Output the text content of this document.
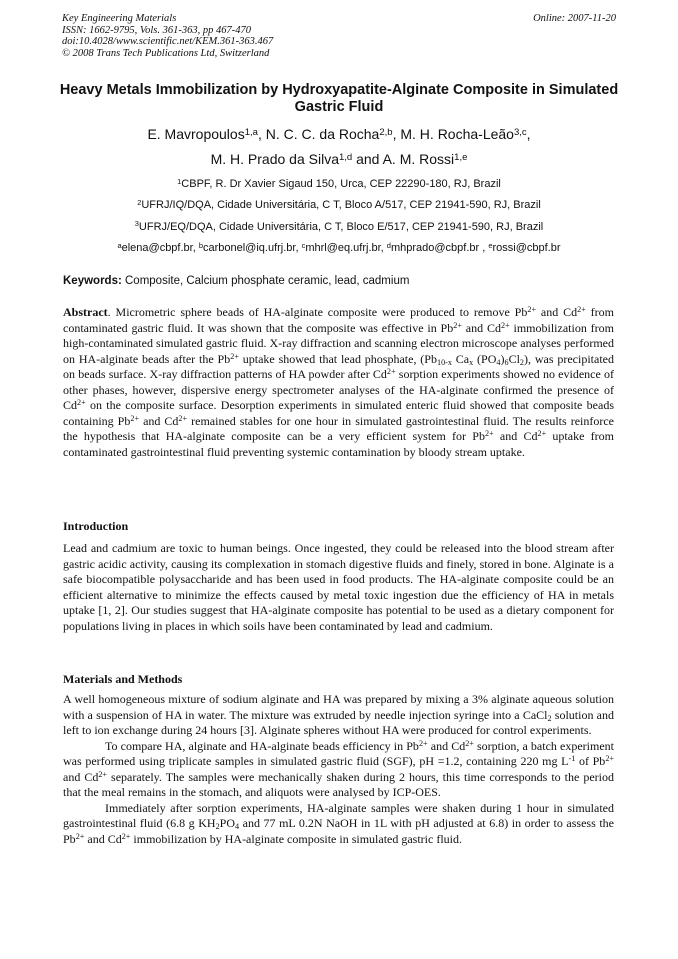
Key Engineering Materials
ISSN: 1662-9795, Vols. 361-363, pp 467-470
doi:10.4028/www.scientific.net/KEM.361-363.467
© 2008 Trans Tech Publications Ltd, Switzerland
Online: 2007-11-20
Heavy Metals Immobilization by Hydroxyapatite-Alginate Composite in Simulated Gastric Fluid
E. Mavropoulos$^{1,a}$, N. C. C. da Rocha$^{2,b}$, M. H. Rocha-Leão$^{3,c}$,
M. H. Prado da Silva$^{1,d}$ and A. M. Rossi$^{1,e}$
$^1$CBPF, R. Dr Xavier Sigaud 150, Urca, CEP 22290-180, RJ, Brazil
$^2$UFRJ/IQ/DQA, Cidade Universitária, C T, Bloco A/517, CEP 21941-590, RJ, Brazil
$^3$UFRJ/EQ/DQA, Cidade Universitária, C T, Bloco E/517, CEP 21941-590, RJ, Brazil
$^a$elena@cbpf.br, $^b$carbonel@iq.ufrj.br, $^c$mhrl@eq.ufrj.br, $^d$mhprado@cbpf.br , $^e$rossi@cbpf.br
Keywords: Composite, Calcium phosphate ceramic, lead, cadmium
Abstract. Micrometric sphere beads of HA-alginate composite were produced to remove $Pb^{2+}$ and $Cd^{2+}$ from contaminated gastric fluid. It was shown that the composite was effective in $Pb^{2+}$ and $Cd^{2+}$ immobilization from high-contaminated simulated gastric fluid. X-ray diffraction and scanning electron microscope analyses performed on HA-alginate beads after the $Pb^{2+}$ uptake showed that lead phosphate, ($Pb_{10-x}$ $Ca_x$ $(PO_4)_6Cl_2$), was precipitated on beads surface. X-ray diffraction patterns of HA powder after $Cd^{2+}$ sorption experiments showed no evidence of other phases, however, dispersive energy spectrometer analyses of the HA-alginate confirmed the presence of $Cd^{2+}$ on the composite surface. Desorption experiments in simulated enteric fluid showed that composite beads containing $Pb^{2+}$ and $Cd^{2+}$ remained stables for one hour in simulated gastrointestinal fluid. The results reinforce the hypothesis that HA-alginate composite can be a very efficient system for $Pb^{2+}$ and $Cd^{2+}$ uptake from contaminated gastrointestinal fluid preventing systemic contamination by bloody stream uptake.
Introduction
Lead and cadmium are toxic to human beings. Once ingested, they could be released into the blood stream after gastric acidic activity, causing its complexation in stomach digestive fluids and finely, stored in bone. Alginate is a safe biocompatible polysaccharide and has been used in food products. The HA-alginate composite could be an efficient alternative to minimize the effects caused by metal toxic ingestion due the efficiency of HA in metals uptake [1, 2]. Our studies suggest that HA-alginate composite has potential to be used as a dietary component for populations living in places in which soils have been contaminated by lead and cadmium.
Materials and Methods

A well homogeneous mixture of sodium alginate and HA was prepared by mixing a 3% alginate aqueous solution with a suspension of HA in water. The mixture was extruded by needle injection syringe into a CaCl$_2$ solution and left to ion exchange during 24 hours [3]. Alginate spheres without HA were produced for control experiments.

To compare HA, alginate and HA-alginate beads efficiency in $Pb^{2+}$ and $Cd^{2+}$ sorption, a batch experiment was performed using triplicate samples in simulated gastric fluid (SGF), pH =1.2, containing 220 mg $L^{-1}$ of $Pb^{2+}$ and $Cd^{2+}$ separately. The samples were mechanically shaken during 2 hours, this time corresponds to the period that the meal remains in the stomach, and aliquots were analysed by ICP-OES.

Immediately after sorption experiments, HA-alginate samples were shaken during 1 hour in simulated gastrointestinal fluid (6.8 g $KH_2PO_4$ and 77 mL 0.2N NaOH in 1L with pH adjusted at 6.8) in order to assess the $Pb^{2+}$ and $Cd^{2+}$ immobilization by HA-alginate composite in simulated gastric fluid.
